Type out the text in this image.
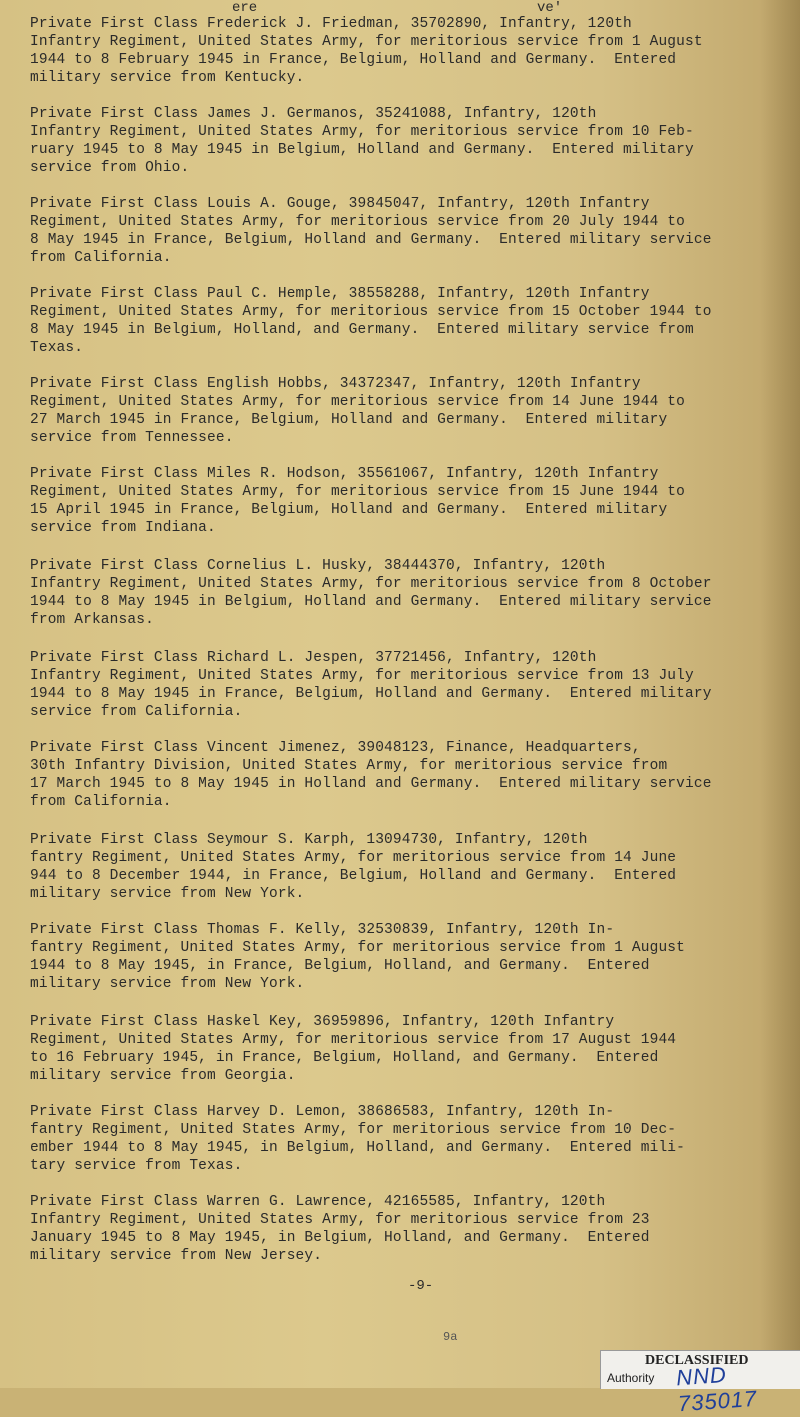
ere	ve'
Private First Class Frederick J. Friedman, 35702890, Infantry, 120th
Infantry Regiment, United States Army, for meritorious service from 1 August
1944 to 8 February 1945 in France, Belgium, Holland and Germany.  Entered
military service from Kentucky.
Private First Class James J. Germanos, 35241088, Infantry, 120th
Infantry Regiment, United States Army, for meritorious service from 10 Feb-
ruary 1945 to 8 May 1945 in Belgium, Holland and Germany.  Entered military
service from Ohio.
Private First Class Louis A. Gouge, 39845047, Infantry, 120th Infantry
Regiment, United States Army, for meritorious service from 20 July 1944 to
8 May 1945 in France, Belgium, Holland and Germany.  Entered military service
from California.
Private First Class Paul C. Hemple, 38558288, Infantry, 120th Infantry
Regiment, United States Army, for meritorious service from 15 October 1944 to
8 May 1945 in Belgium, Holland, and Germany.  Entered military service from
Texas.
Private First Class English Hobbs, 34372347, Infantry, 120th Infantry
Regiment, United States Army, for meritorious service from 14 June 1944 to
27 March 1945 in France, Belgium, Holland and Germany.  Entered military
service from Tennessee.
Private First Class Miles R. Hodson, 35561067, Infantry, 120th Infantry
Regiment, United States Army, for meritorious service from 15 June 1944 to
15 April 1945 in France, Belgium, Holland and Germany.  Entered military
service from Indiana.
Private First Class Cornelius L. Husky, 38444370, Infantry, 120th
Infantry Regiment, United States Army, for meritorious service from 8 October
1944 to 8 May 1945 in Belgium, Holland and Germany.  Entered military service
from Arkansas.
Private First Class Richard L. Jespen, 37721456, Infantry, 120th
Infantry Regiment, United States Army, for meritorious service from 13 July
1944 to 8 May 1945 in France, Belgium, Holland and Germany.  Entered military
service from California.
Private First Class Vincent Jimenez, 39048123, Finance, Headquarters,
30th Infantry Division, United States Army, for meritorious service from
17 March 1945 to 8 May 1945 in Holland and Germany.  Entered military service
from California.
Private First Class Seymour S. Karph, 13094730, Infantry, 120th
fantry Regiment, United States Army, for meritorious service from 14 June
944 to 8 December 1944, in France, Belgium, Holland and Germany.  Entered
military service from New York.
Private First Class Thomas F. Kelly, 32530839, Infantry, 120th In-
fantry Regiment, United States Army, for meritorious service from 1 August
1944 to 8 May 1945, in France, Belgium, Holland, and Germany.  Entered
military service from New York.
Private First Class Haskel Key, 36959896, Infantry, 120th Infantry
Regiment, United States Army, for meritorious service from 17 August 1944
to 16 February 1945, in France, Belgium, Holland, and Germany.  Entered
military service from Georgia.
Private First Class Harvey D. Lemon, 38686583, Infantry, 120th In-
fantry Regiment, United States Army, for meritorious service from 10 Dec-
ember 1944 to 8 May 1945, in Belgium, Holland, and Germany.  Entered mili-
tary service from Texas.
Private First Class Warren G. Lawrence, 42165585, Infantry, 120th
Infantry Regiment, United States Army, for meritorious service from 23
January 1945 to 8 May 1945, in Belgium, Holland, and Germany.  Entered
military service from New Jersey.
-9-
9a
DECLASSIFIED
Authority NND 735017
